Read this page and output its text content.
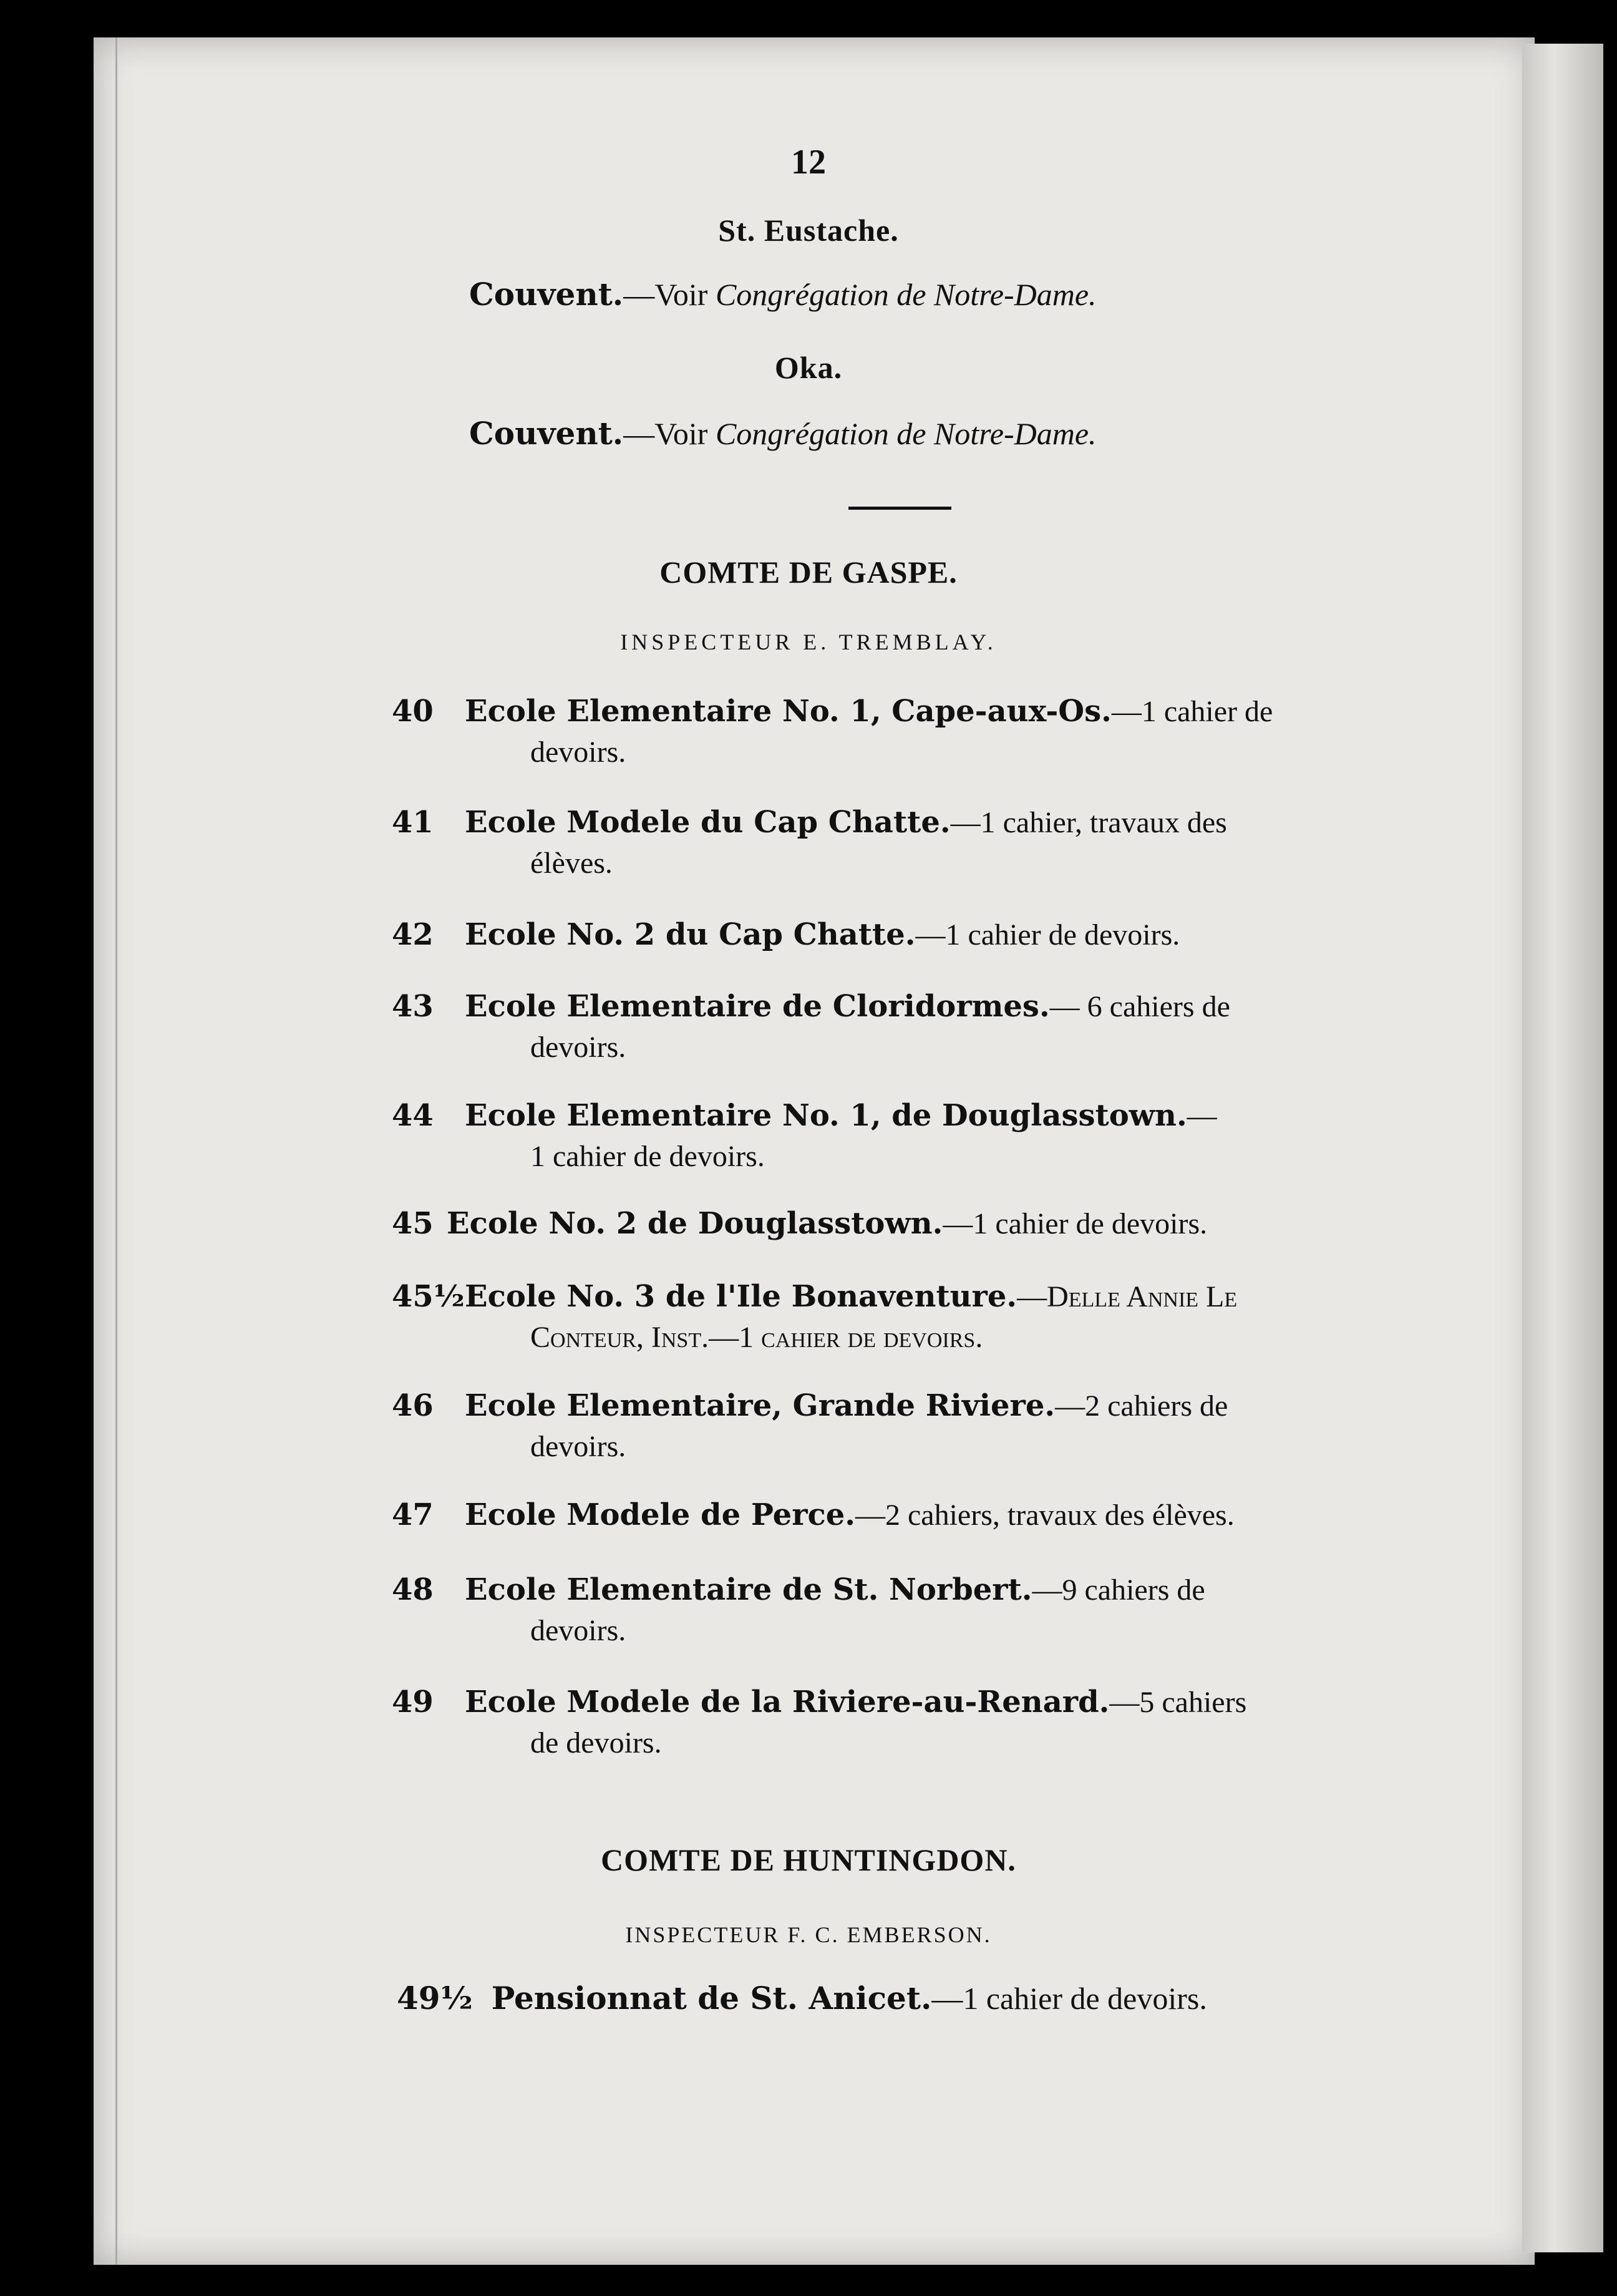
12
St. Eustache.
Couvent.—Voir Congrégation de Notre-Dame.
Oka.
Couvent.—Voir Congrégation de Notre-Dame.
COMTE DE GASPE.
INSPECTEUR E. TREMBLAY.
40 Ecole Elementaire No. 1, Cape-aux-Os.—1 cahier de
devoirs.
41 Ecole Modele du Cap Chatte.—1 cahier, travaux des
élèves.
42 Ecole No. 2 du Cap Chatte.—1 cahier de devoirs.
43 Ecole Elementaire de Cloridormes.— 6 cahiers de
devoirs.
44 Ecole Elementaire No. 1, de Douglasstown.—
1 cahier de devoirs.
45 Ecole No. 2 de Douglasstown.—1 cahier de devoirs.
45½ Ecole No. 3 de l'Ile Bonaventure.—Delle Annie Le
Conteur, Inst.—1 cahier de devoirs.
46 Ecole Elementaire, Grande Riviere.—2 cahiers de
devoirs.
47 Ecole Modele de Perce.—2 cahiers, travaux des élèves.
48 Ecole Elementaire de St. Norbert.—9 cahiers de
devoirs.
49 Ecole Modele de la Riviere-au-Renard.—5 cahiers
de devoirs.
COMTE DE HUNTINGDON.
INSPECTEUR F. C. EMBERSON.
49½ Pensionnat de St. Anicet.—1 cahier de devoirs.
